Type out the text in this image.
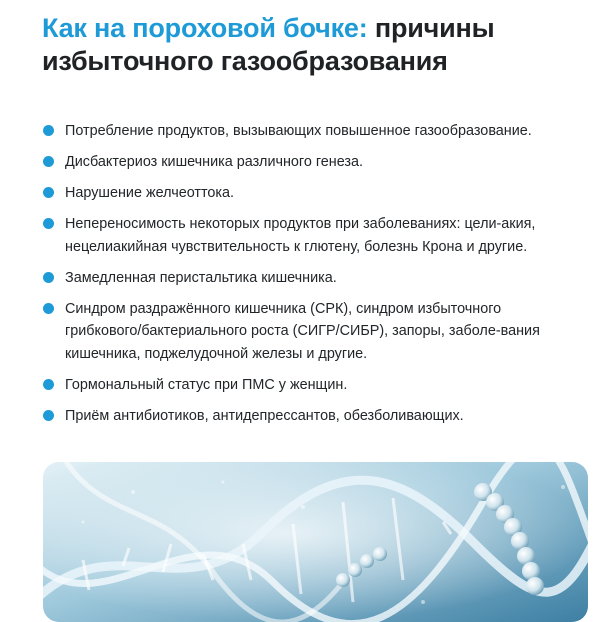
Как на пороховой бочке: причины избыточного газообразования
Потребление продуктов, вызывающих повышенное газообразование.
Дисбактериоз кишечника различного генеза.
Нарушение желчеоттока.
Непереносимость некоторых продуктов при заболеваниях: цели-акия, нецелиакийная чувствительность к глютену, болезнь Крона и другие.
Замедленная перистальтика кишечника.
Синдром раздражённого кишечника (СРК), синдром избыточного грибкового/бактериального роста (СИГР/СИБР), запоры, заболе-вания кишечника, поджелудочной железы и другие.
Гормональный статус при ПМС у женщин.
Приём антибиотиков, антидепрессантов, обезболивающих.
